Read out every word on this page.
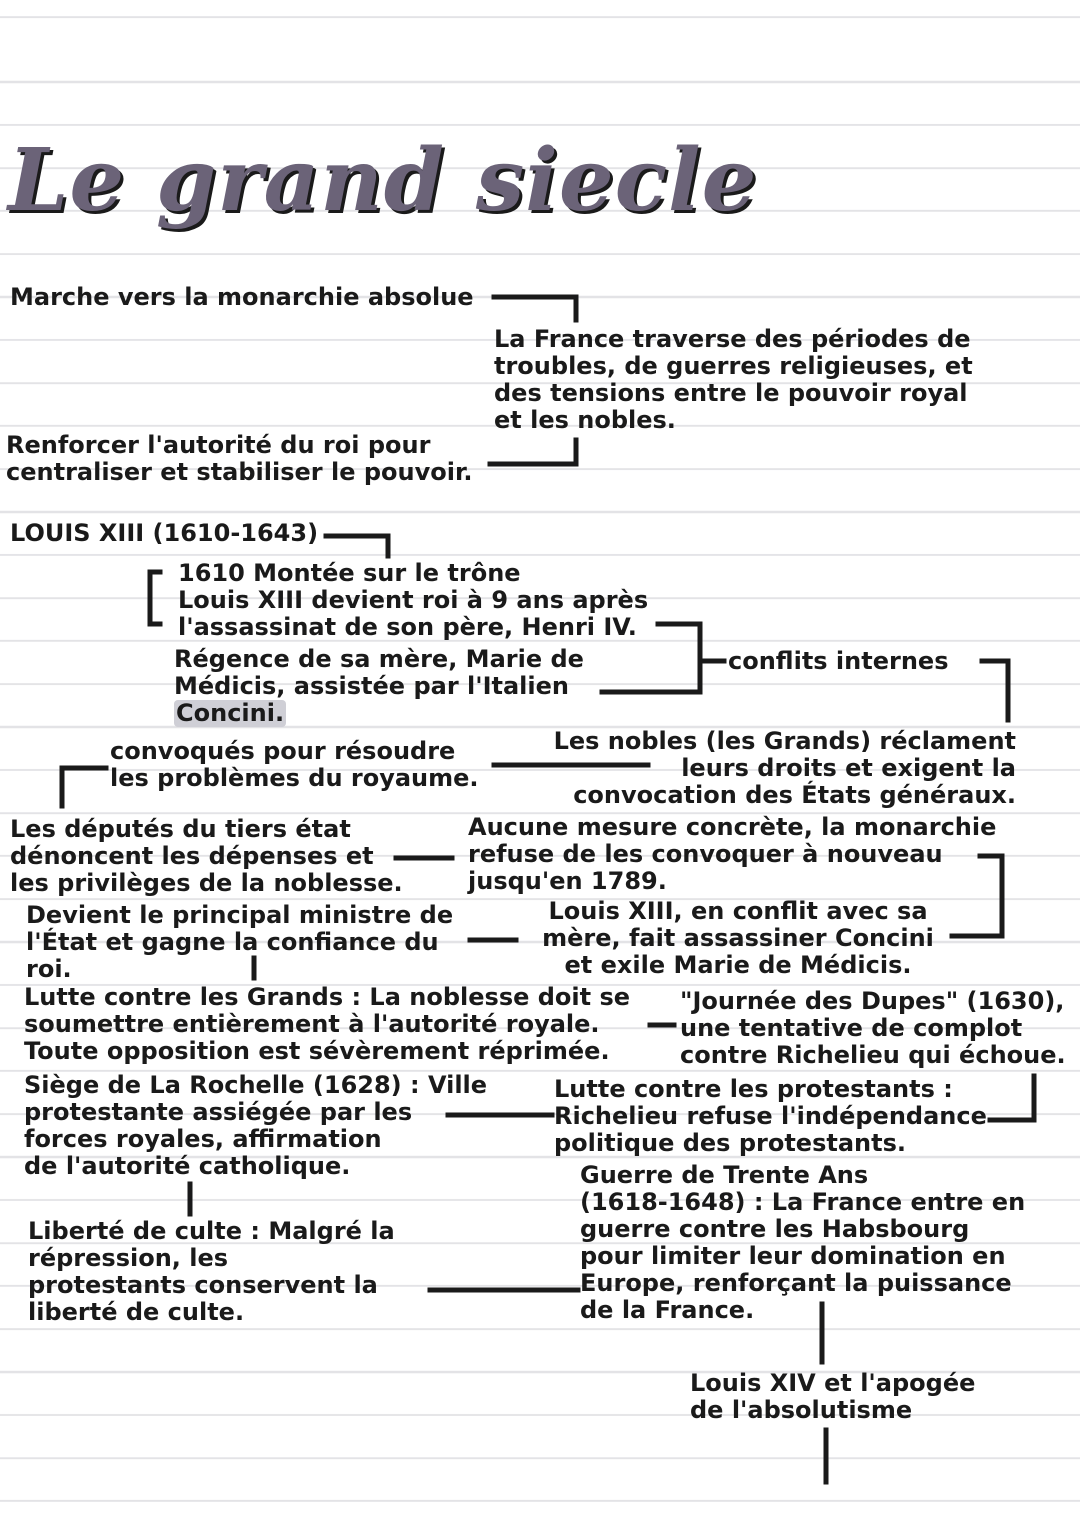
Le grand siecle
Marche vers la monarchie absolue
La France traverse des périodes de
troubles, de guerres religieuses, et
des tensions entre le pouvoir royal
et les nobles.
Renforcer l'autorité du roi pour
centraliser et stabiliser le pouvoir.
LOUIS XIII (1610-1643)
1610 Montée sur le trône
Louis XIII devient roi à 9 ans après
l'assassinat de son père, Henri IV.
Régence de sa mère, Marie de
Médicis, assistée par l'Italien
Concini.
conflits internes
convoqués pour résoudre
les problèmes du royaume.
Les nobles (les Grands) réclament
leurs droits et exigent la
convocation des États généraux.
Les députés du tiers état
dénoncent les dépenses et
les privilèges de la noblesse.
Aucune mesure concrète, la monarchie
refuse de les convoquer à nouveau
jusqu'en 1789.
Devient le principal ministre de
l'État et gagne la confiance du
roi.
Louis XIII, en conflit avec sa
mère, fait assassiner Concini
et exile Marie de Médicis.
Lutte contre les Grands : La noblesse doit se
soumettre entièrement à l'autorité royale.
Toute opposition est sévèrement réprimée.
"Journée des Dupes" (1630),
une tentative de complot
contre Richelieu qui échoue.
Siège de La Rochelle (1628) : Ville
protestante assiégée par les
forces royales, affirmation
de l'autorité catholique.
Lutte contre les protestants :
Richelieu refuse l'indépendance
politique des protestants.
Guerre de Trente Ans
(1618-1648) : La France entre en
guerre contre les Habsbourg
pour limiter leur domination en
Europe, renforçant la puissance
de la France.
Liberté de culte : Malgré la
répression, les
protestants conservent la
liberté de culte.
Louis XIV et l'apogée
de l'absolutisme
